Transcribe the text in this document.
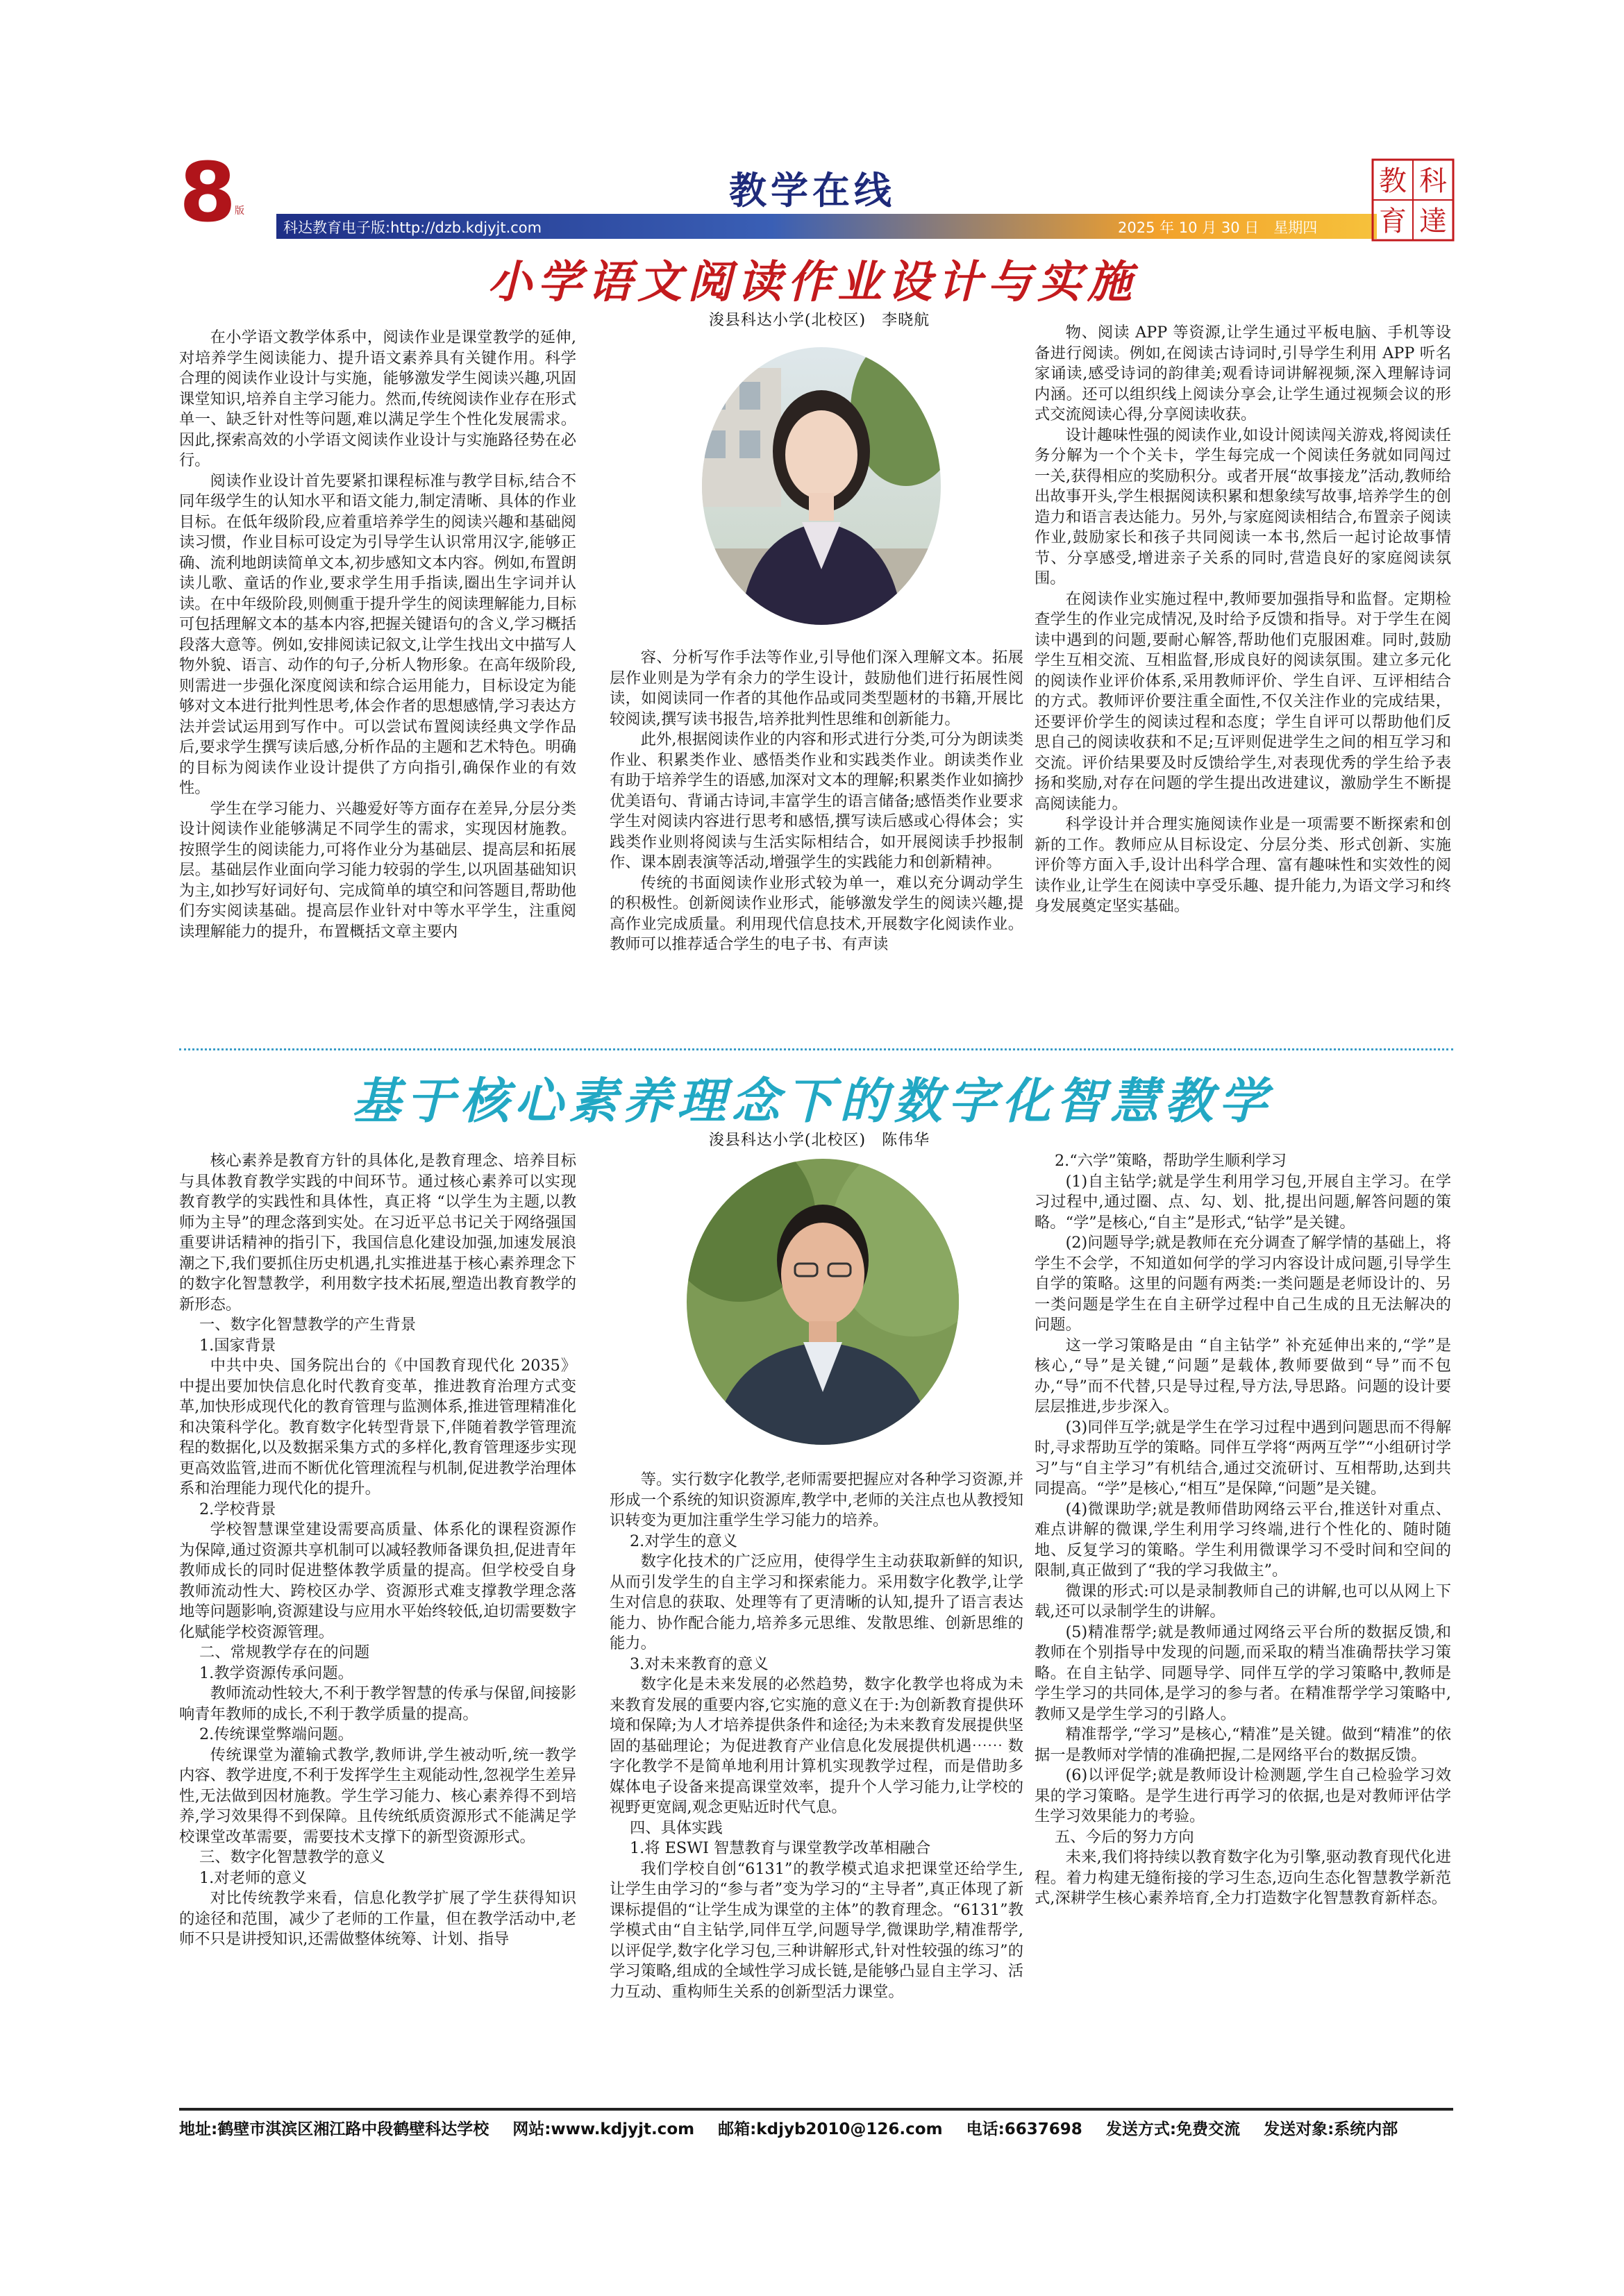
8
版	教学在线
科达教育电子版:http://dzb.kdjyjt.com	2025 年 10 月 30 日　星期四
教 科
育 達
小学语文阅读作业设计与实施
浚县科达小学(北校区)　李晓航

在小学语文教学体系中，阅读作业是课堂教学的延伸,对培养学生阅读能力、提升语文素养具有关键作用。科学合理的阅读作业设计与实施，能够激发学生阅读兴趣,巩固课堂知识,培养自主学习能力。然而,传统阅读作业存在形式单一、缺乏针对性等问题,难以满足学生个性化发展需求。因此,探索高效的小学语文阅读作业设计与实施路径势在必行。

阅读作业设计首先要紧扣课程标准与教学目标,结合不同年级学生的认知水平和语文能力,制定清晰、具体的作业目标。在低年级阶段,应着重培养学生的阅读兴趣和基础阅读习惯，作业目标可设定为引导学生认识常用汉字,能够正确、流利地朗读简单文本,初步感知文本内容。例如,布置朗读儿歌、童话的作业,要求学生用手指读,圈出生字词并认读。在中年级阶段,则侧重于提升学生的阅读理解能力,目标可包括理解文本的基本内容,把握关键语句的含义,学习概括段落大意等。例如,安排阅读记叙文,让学生找出文中描写人物外貌、语言、动作的句子,分析人物形象。在高年级阶段,则需进一步强化深度阅读和综合运用能力，目标设定为能够对文本进行批判性思考,体会作者的思想感情,学习表达方法并尝试运用到写作中。可以尝试布置阅读经典文学作品后,要求学生撰写读后感,分析作品的主题和艺术特色。明确的目标为阅读作业设计提供了方向指引,确保作业的有效性。

学生在学习能力、兴趣爱好等方面存在差异,分层分类设计阅读作业能够满足不同学生的需求，实现因材施教。按照学生的阅读能力,可将作业分为基础层、提高层和拓展层。基础层作业面向学习能力较弱的学生,以巩固基础知识为主,如抄写好词好句、完成简单的填空和问答题目,帮助他们夯实阅读基础。提高层作业针对中等水平学生，注重阅读理解能力的提升，布置概括文章主要内

容、分析写作手法等作业,引导他们深入理解文本。拓展层作业则是为学有余力的学生设计，鼓励他们进行拓展性阅读，如阅读同一作者的其他作品或同类型题材的书籍,开展比较阅读,撰写读书报告,培养批判性思维和创新能力。

此外,根据阅读作业的内容和形式进行分类,可分为朗读类作业、积累类作业、感悟类作业和实践类作业。朗读类作业有助于培养学生的语感,加深对文本的理解;积累类作业如摘抄优美语句、背诵古诗词,丰富学生的语言储备;感悟类作业要求学生对阅读内容进行思考和感悟,撰写读后感或心得体会；实践类作业则将阅读与生活实际相结合，如开展阅读手抄报制作、课本剧表演等活动,增强学生的实践能力和创新精神。

传统的书面阅读作业形式较为单一，难以充分调动学生的积极性。创新阅读作业形式，能够激发学生的阅读兴趣,提高作业完成质量。利用现代信息技术,开展数字化阅读作业。教师可以推荐适合学生的电子书、有声读

物、阅读 APP 等资源,让学生通过平板电脑、手机等设备进行阅读。例如,在阅读古诗词时,引导学生利用 APP 听名家诵读,感受诗词的韵律美;观看诗词讲解视频,深入理解诗词内涵。还可以组织线上阅读分享会,让学生通过视频会议的形式交流阅读心得,分享阅读收获。

设计趣味性强的阅读作业,如设计阅读闯关游戏,将阅读任务分解为一个个关卡，学生每完成一个阅读任务就如同闯过一关,获得相应的奖励积分。或者开展“故事接龙”活动,教师给出故事开头,学生根据阅读积累和想象续写故事,培养学生的创造力和语言表达能力。另外,与家庭阅读相结合,布置亲子阅读作业,鼓励家长和孩子共同阅读一本书,然后一起讨论故事情节、分享感受,增进亲子关系的同时,营造良好的家庭阅读氛围。

在阅读作业实施过程中,教师要加强指导和监督。定期检查学生的作业完成情况,及时给予反馈和指导。对于学生在阅读中遇到的问题,要耐心解答,帮助他们克服困难。同时,鼓励学生互相交流、互相监督,形成良好的阅读氛围。建立多元化的阅读作业评价体系,采用教师评价、学生自评、互评相结合的方式。教师评价要注重全面性,不仅关注作业的完成结果，还要评价学生的阅读过程和态度；学生自评可以帮助他们反思自己的阅读收获和不足;互评则促进学生之间的相互学习和交流。评价结果要及时反馈给学生,对表现优秀的学生给予表扬和奖励,对存在问题的学生提出改进建议，激励学生不断提高阅读能力。

科学设计并合理实施阅读作业是一项需要不断探索和创新的工作。教师应从目标设定、分层分类、形式创新、实施评价等方面入手,设计出科学合理、富有趣味性和实效性的阅读作业,让学生在阅读中享受乐趣、提升能力,为语文学习和终身发展奠定坚实基础。

基于核心素养理念下的数字化智慧教学
浚县科达小学(北校区)　陈伟华

核心素养是教育方针的具体化,是教育理念、培养目标与具体教育教学实践的中间环节。通过核心素养可以实现教育教学的实践性和具体性，真正将 “以学生为主题,以教师为主导”的理念落到实处。在习近平总书记关于网络强国重要讲话精神的指引下，我国信息化建设加强,加速发展浪潮之下,我们要抓住历史机遇,扎实推进基于核心素养理念下的数字化智慧教学，利用数字技术拓展,塑造出教育教学的新形态。

一、数字化智慧教学的产生背景

1.国家背景

中共中央、国务院出台的《中国教育现代化 2035》中提出要加快信息化时代教育变革，推进教育治理方式变革,加快形成现代化的教育管理与监测体系,推进管理精准化和决策科学化。教育数字化转型背景下,伴随着教学管理流程的数据化,以及数据采集方式的多样化,教育管理逐步实现更高效监管,进而不断优化管理流程与机制,促进教学治理体系和治理能力现代化的提升。

2.学校背景

学校智慧课堂建设需要高质量、体系化的课程资源作为保障,通过资源共享机制可以减轻教师备课负担,促进青年教师成长的同时促进整体教学质量的提高。但学校受自身教师流动性大、跨校区办学、资源形式难支撑教学理念落地等问题影响,资源建设与应用水平始终较低,迫切需要数字化赋能学校资源管理。

二、常规教学存在的问题

1.教学资源传承问题。

教师流动性较大,不利于教学智慧的传承与保留,间接影响青年教师的成长,不利于教学质量的提高。

2.传统课堂弊端问题。

传统课堂为灌输式教学,教师讲,学生被动听,统一教学内容、教学进度,不利于发挥学生主观能动性,忽视学生差异性,无法做到因材施教。学生学习能力、核心素养得不到培养,学习效果得不到保障。且传统纸质资源形式不能满足学校课堂改革需要，需要技术支撑下的新型资源形式。

三、数字化智慧教学的意义

1.对老师的意义

对比传统教学来看，信息化教学扩展了学生获得知识的途径和范围，减少了老师的工作量，但在教学活动中,老师不只是讲授知识,还需做整体统筹、计划、指导

等。实行数字化教学,老师需要把握应对各种学习资源,并形成一个系统的知识资源库,教学中,老师的关注点也从教授知识转变为更加注重学生学习能力的培养。

2.对学生的意义

数字化技术的广泛应用，使得学生主动获取新鲜的知识,从而引发学生的自主学习和探索能力。采用数字化教学,让学生对信息的获取、处理等有了更清晰的认知,提升了语言表达能力、协作配合能力,培养多元思维、发散思维、创新思维的能力。

3.对未来教育的意义

数字化是未来发展的必然趋势，数字化教学也将成为未来教育发展的重要内容,它实施的意义在于:为创新教育提供环境和保障;为人才培养提供条件和途径;为未来教育发展提供坚固的基础理论；为促进教育产业信息化发展提供机遇⋯⋯ 数字化教学不是简单地利用计算机实现教学过程，而是借助多媒体电子设备来提高课堂效率，提升个人学习能力,让学校的视野更宽阔,观念更贴近时代气息。

四、具体实践

1.将 ESWI 智慧教育与课堂教学改革相融合

我们学校自创“6131”的教学模式追求把课堂还给学生,让学生由学习的“参与者”变为学习的“主导者”,真正体现了新课标提倡的“让学生成为课堂的主体”的教育理念。“6131”教学模式由“自主钻学,同伴互学,问题导学,微课助学,精准帮学,以评促学,数字化学习包,三种讲解形式,针对性较强的练习”的学习策略,组成的全域性学习成长链,是能够凸显自主学习、活力互动、重构师生关系的创新型活力课堂。

2.“六学”策略，帮助学生顺利学习

(1)自主钻学;就是学生利用学习包,开展自主学习。在学习过程中,通过圈、点、勾、划、批,提出问题,解答问题的策略。“学”是核心,“自主”是形式,“钻学”是关键。

(2)问题导学;就是教师在充分调查了解学情的基础上，将学生不会学，不知道如何学的学习内容设计成问题,引导学生自学的策略。这里的问题有两类:一类问题是老师设计的、另一类问题是学生在自主研学过程中自己生成的且无法解决的问题。

这一学习策略是由 “自主钻学” 补充延伸出来的,“学”是核心,“导”是关键,“问题”是载体,教师要做到“导”而不包办,“导”而不代替,只是导过程,导方法,导思路。问题的设计要层层推进,步步深入。

(3)同伴互学;就是学生在学习过程中遇到问题思而不得解时,寻求帮助互学的策略。同伴互学将“两两互学”“小组研讨学习”与“自主学习”有机结合,通过交流研讨、互相帮助,达到共同提高。“学”是核心,“相互”是保障,“问题”是关键。

(4)微课助学;就是教师借助网络云平台,推送针对重点、难点讲解的微课,学生利用学习终端,进行个性化的、随时随地、反复学习的策略。学生利用微课学习不受时间和空间的限制,真正做到了“我的学习我做主”。

微课的形式:可以是录制教师自己的讲解,也可以从网上下载,还可以录制学生的讲解。

(5)精准帮学;就是教师通过网络云平台所的数据反馈,和教师在个别指导中发现的问题,而采取的精当准确帮扶学习策略。在自主钻学、同题导学、同伴互学的学习策略中,教师是学生学习的共同体,是学习的参与者。在精准帮学学习策略中,教师又是学生学习的引路人。

精准帮学,“学习”是核心,“精准”是关键。做到“精准”的依据一是教师对学情的准确把握,二是网络平台的数据反馈。

(6)以评促学;就是教师设计检测题,学生自己检验学习效果的学习策略。是学生进行再学习的依据,也是对教师评估学生学习效果能力的考验。

五、今后的努力方向

未来,我们将持续以教育数字化为引擎,驱动教育现代化进程。着力构建无缝衔接的学习生态,迈向生态化智慧教学新范式,深耕学生核心素养培育,全力打造数字化智慧教育新样态。

地址:鹤壁市淇滨区湘江路中段鹤壁科达学校 网站:www.kdjyjt.com 邮箱:kdjyb2010@126.com 电话:6637698 发送方式:免费交流 发送对象:系统内部
